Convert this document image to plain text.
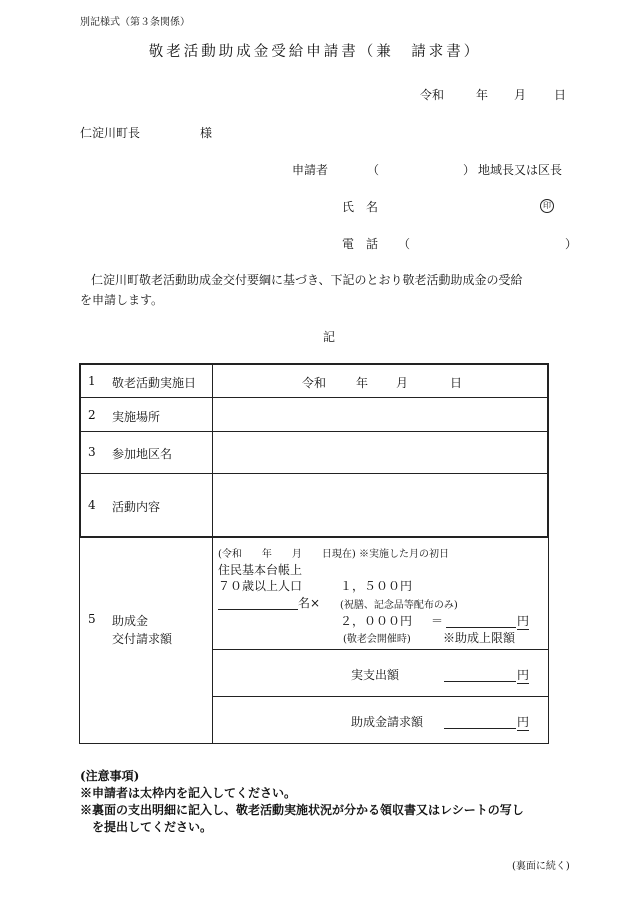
別記様式（第３条関係）
敬老活動助成金受給申請書（兼　請求書）
令和	年 月 日
仁淀川町長	様
申請者	（	） 地域長又は区長
氏　名	印
電　話 （	）
仁淀川町敬老活動助成金交付要綱に基づき、下記のとおり敬老活動助成金の受給
を申請します。
記
1 敬老活動実施日	令和 年 月	日
2 実施場所
3 参加地区名
4 活動内容
5 助成金
交付請求額
(令和　　年　　月　　日現在) ※実施した月の初日
住民基本台帳上
７０歳以上人口	１，５００円
名× (祝膳、記念品等配布のみ)
２，０００円 ＝	円
(敬老会開催時)	※助成上限額
実支出額	円
助成金請求額	円
(注意事項)
※申請者は太枠内を記入してください。
※裏面の支出明細に記入し、敬老活動実施状況が分かる領収書又はレシートの写し
を提出してください。
(裏面に続く)
